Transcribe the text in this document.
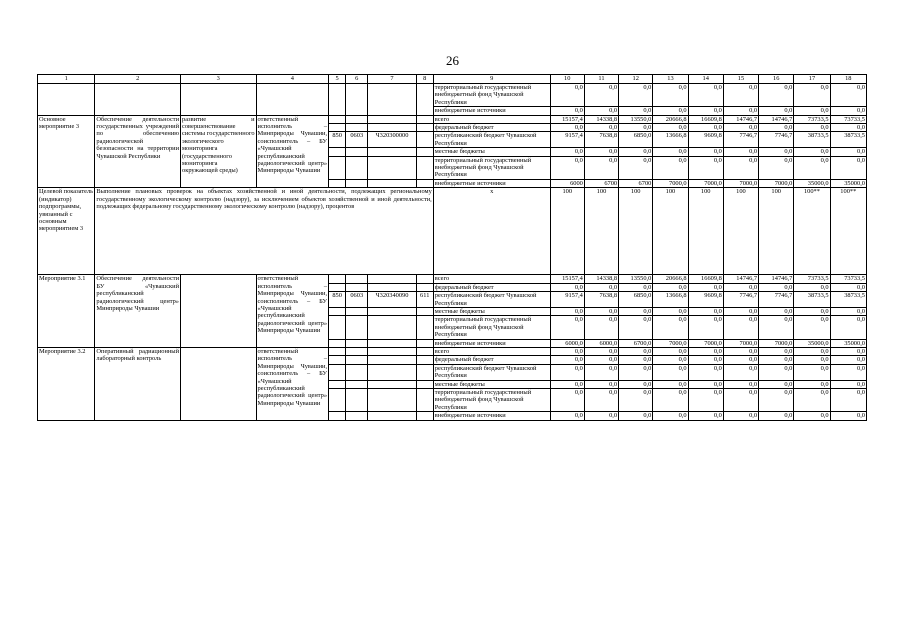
26
1	2	3	4	5	6	7	8	9	10	11	12	13	14	15	16	17	18
								территориальный государственный внебюджетный фонд Чувашской Республики	0,0	0,0	0,0	0,0	0,0	0,0	0,0	0,0	0,0
								внебюджетные источники	0,0	0,0	0,0	0,0	0,0	0,0	0,0	0,0	0,0
Основное мероприятие 3	Обеспечение деятельности государственных учреждений по обеспечению радиологической безопасности на территории Чувашской Республики	развитие и совершенствование системы государственного экологического мониторинга (государственного мониторинга окружающей среды)	ответственный исполнитель – Минприроды Чувашии, соисполнитель – БУ «Чувашский республиканский радиологический центр» Минприроды Чувашии					всего	15157,4	14338,8	13550,0	20666,8	16609,8	14746,7	14746,7	73733,5	73733,5
								федеральный бюджет	0,0	0,0	0,0	0,0	0,0	0,0	0,0	0,0	0,0
				850	0603	Ч320300000		республиканский бюджет Чувашской Республики	9157,4	7638,8	6850,0	13666,8	9609,8	7746,7	7746,7	38733,5	38733,5
								местные бюджеты	0,0	0,0	0,0	0,0	0,0	0,0	0,0	0,0	0,0
								территориальный государственный внебюджетный фонд Чувашской Республики	0,0	0,0	0,0	0,0	0,0	0,0	0,0	0,0	0,0
								внебюджетные источники	6000	6700	6700	7000,0	7000,0	7000,0	7000,0	35000,0	35000,0
Целевой показатель (индикатор) подпрограммы, увязанный с основным мероприятием 3	Выполнение плановых проверок на объектах хозяйственной и иной деятельности, подлежащих региональному государственному экологическому контролю (надзору), за исключением объектов хозяйственной и иной деятельности, подлежащих федеральному государственному экологическому контролю (надзору), процентов							x	100	100	100	100	100	100	100	100**	100**
Мероприятие 3.1	Обеспечение деятельности БУ «Чувашский республиканский радиологический центр» Минприроды Чувашии		ответственный исполнитель – Минприроды Чувашии, соисполнитель – БУ «Чувашский республиканский радиологический центр» Минприроды Чувашии					всего	15157,4	14338,8	13550,0	20666,8	16609,8	14746,7	14746,7	73733,5	73733,5
								федеральный бюджет	0,0	0,0	0,0	0,0	0,0	0,0	0,0	0,0	0,0
				850	0603	Ч320340090	611	республиканский бюджет Чувашской Республики	9157,4	7638,8	6850,0	13666,8	9609,8	7746,7	7746,7	38733,5	38733,5
								местные бюджеты	0,0	0,0	0,0	0,0	0,0	0,0	0,0	0,0	0,0
								территориальный государственный внебюджетный фонд Чувашской Республики	0,0	0,0	0,0	0,0	0,0	0,0	0,0	0,0	0,0
								внебюджетные источники	6000,0	6000,0	6700,0	7000,0	7000,0	7000,0	7000,0	35000,0	35000,0
Мероприятие 3.2	Оперативный радиационный лабораторный контроль		ответственный исполнитель – Минприроды Чувашии, соисполнитель – БУ «Чувашский республиканский радиологический центр» Минприроды Чувашии					всего	0,0	0,0	0,0	0,0	0,0	0,0	0,0	0,0	0,0
								федеральный бюджет	0,0	0,0	0,0	0,0	0,0	0,0	0,0	0,0	0,0
								республиканский бюджет Чувашской Республики	0,0	0,0	0,0	0,0	0,0	0,0	0,0	0,0	0,0
								местные бюджеты	0,0	0,0	0,0	0,0	0,0	0,0	0,0	0,0	0,0
								территориальный государственный внебюджетный фонд Чувашской Республики	0,0	0,0	0,0	0,0	0,0	0,0	0,0	0,0	0,0
								внебюджетные источники	0,0	0,0	0,0	0,0	0,0	0,0	0,0	0,0	0,0
